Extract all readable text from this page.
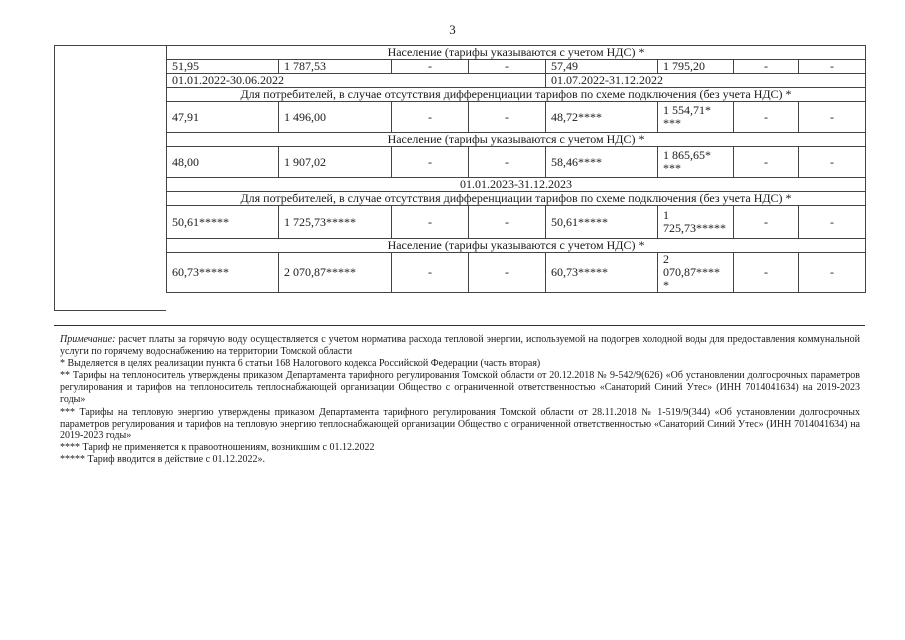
3
Население (тарифы указываются с учетом НДС) *							
51,95	1 787,53	-	-	57,49	1 795,20	-	-
01.01.2022-30.06.2022				01.07.2022-31.12.2022			
Для потребителей, в случае отсутствия дифференциации тарифов по схеме подключения (без учета НДС) *							
47,91	1 496,00	-	-	48,72****	1 554,71* ***	-	-
Население (тарифы указываются с учетом НДС) *							
48,00	1 907,02	-	-	58,46****	1 865,65* ***	-	-
01.01.2023-31.12.2023							
Для потребителей, в случае отсутствия дифференциации тарифов по схеме подключения (без учета НДС) *							
50,61*****	1 725,73*****	-	-	50,61*****	1 725,73*****	-	-
Население (тарифы указываются с учетом НДС) *							
60,73*****	2 070,87*****	-	-	60,73*****	2 070,87**** *	-	-

Примечание: расчет платы за горячую воду осуществляется с учетом норматива расхода тепловой энергии, используемой на подогрев холодной воды для предоставления коммунальной услуги по горячему водоснабжению на территории Томской области

* Выделяется в целях реализации пункта 6 статьи 168 Налогового кодекса Российской Федерации (часть вторая)

** Тарифы на теплоноситель утверждены приказом Департамента тарифного регулирования Томской области от 20.12.2018 № 9-542/9(626) «Об установлении долгосрочных параметров регулирования и тарифов на теплоноситель теплоснабжающей организации Общество с ограниченной ответственностью «Санаторий Синий Утес» (ИНН 7014041634) на 2019-2023 годы»

*** Тарифы на тепловую энергию утверждены приказом Департамента тарифного регулирования Томской области от 28.11.2018 № 1-519/9(344) «Об установлении долгосрочных параметров регулирования и тарифов на тепловую энергию теплоснабжающей организации Общество с ограниченной ответственностью «Санаторий Синий Утес» (ИНН 7014041634) на 2019-2023 годы»

**** Тариф не применяется к правоотношениям, возникшим с 01.12.2022

***** Тариф вводится в действие с 01.12.2022».
